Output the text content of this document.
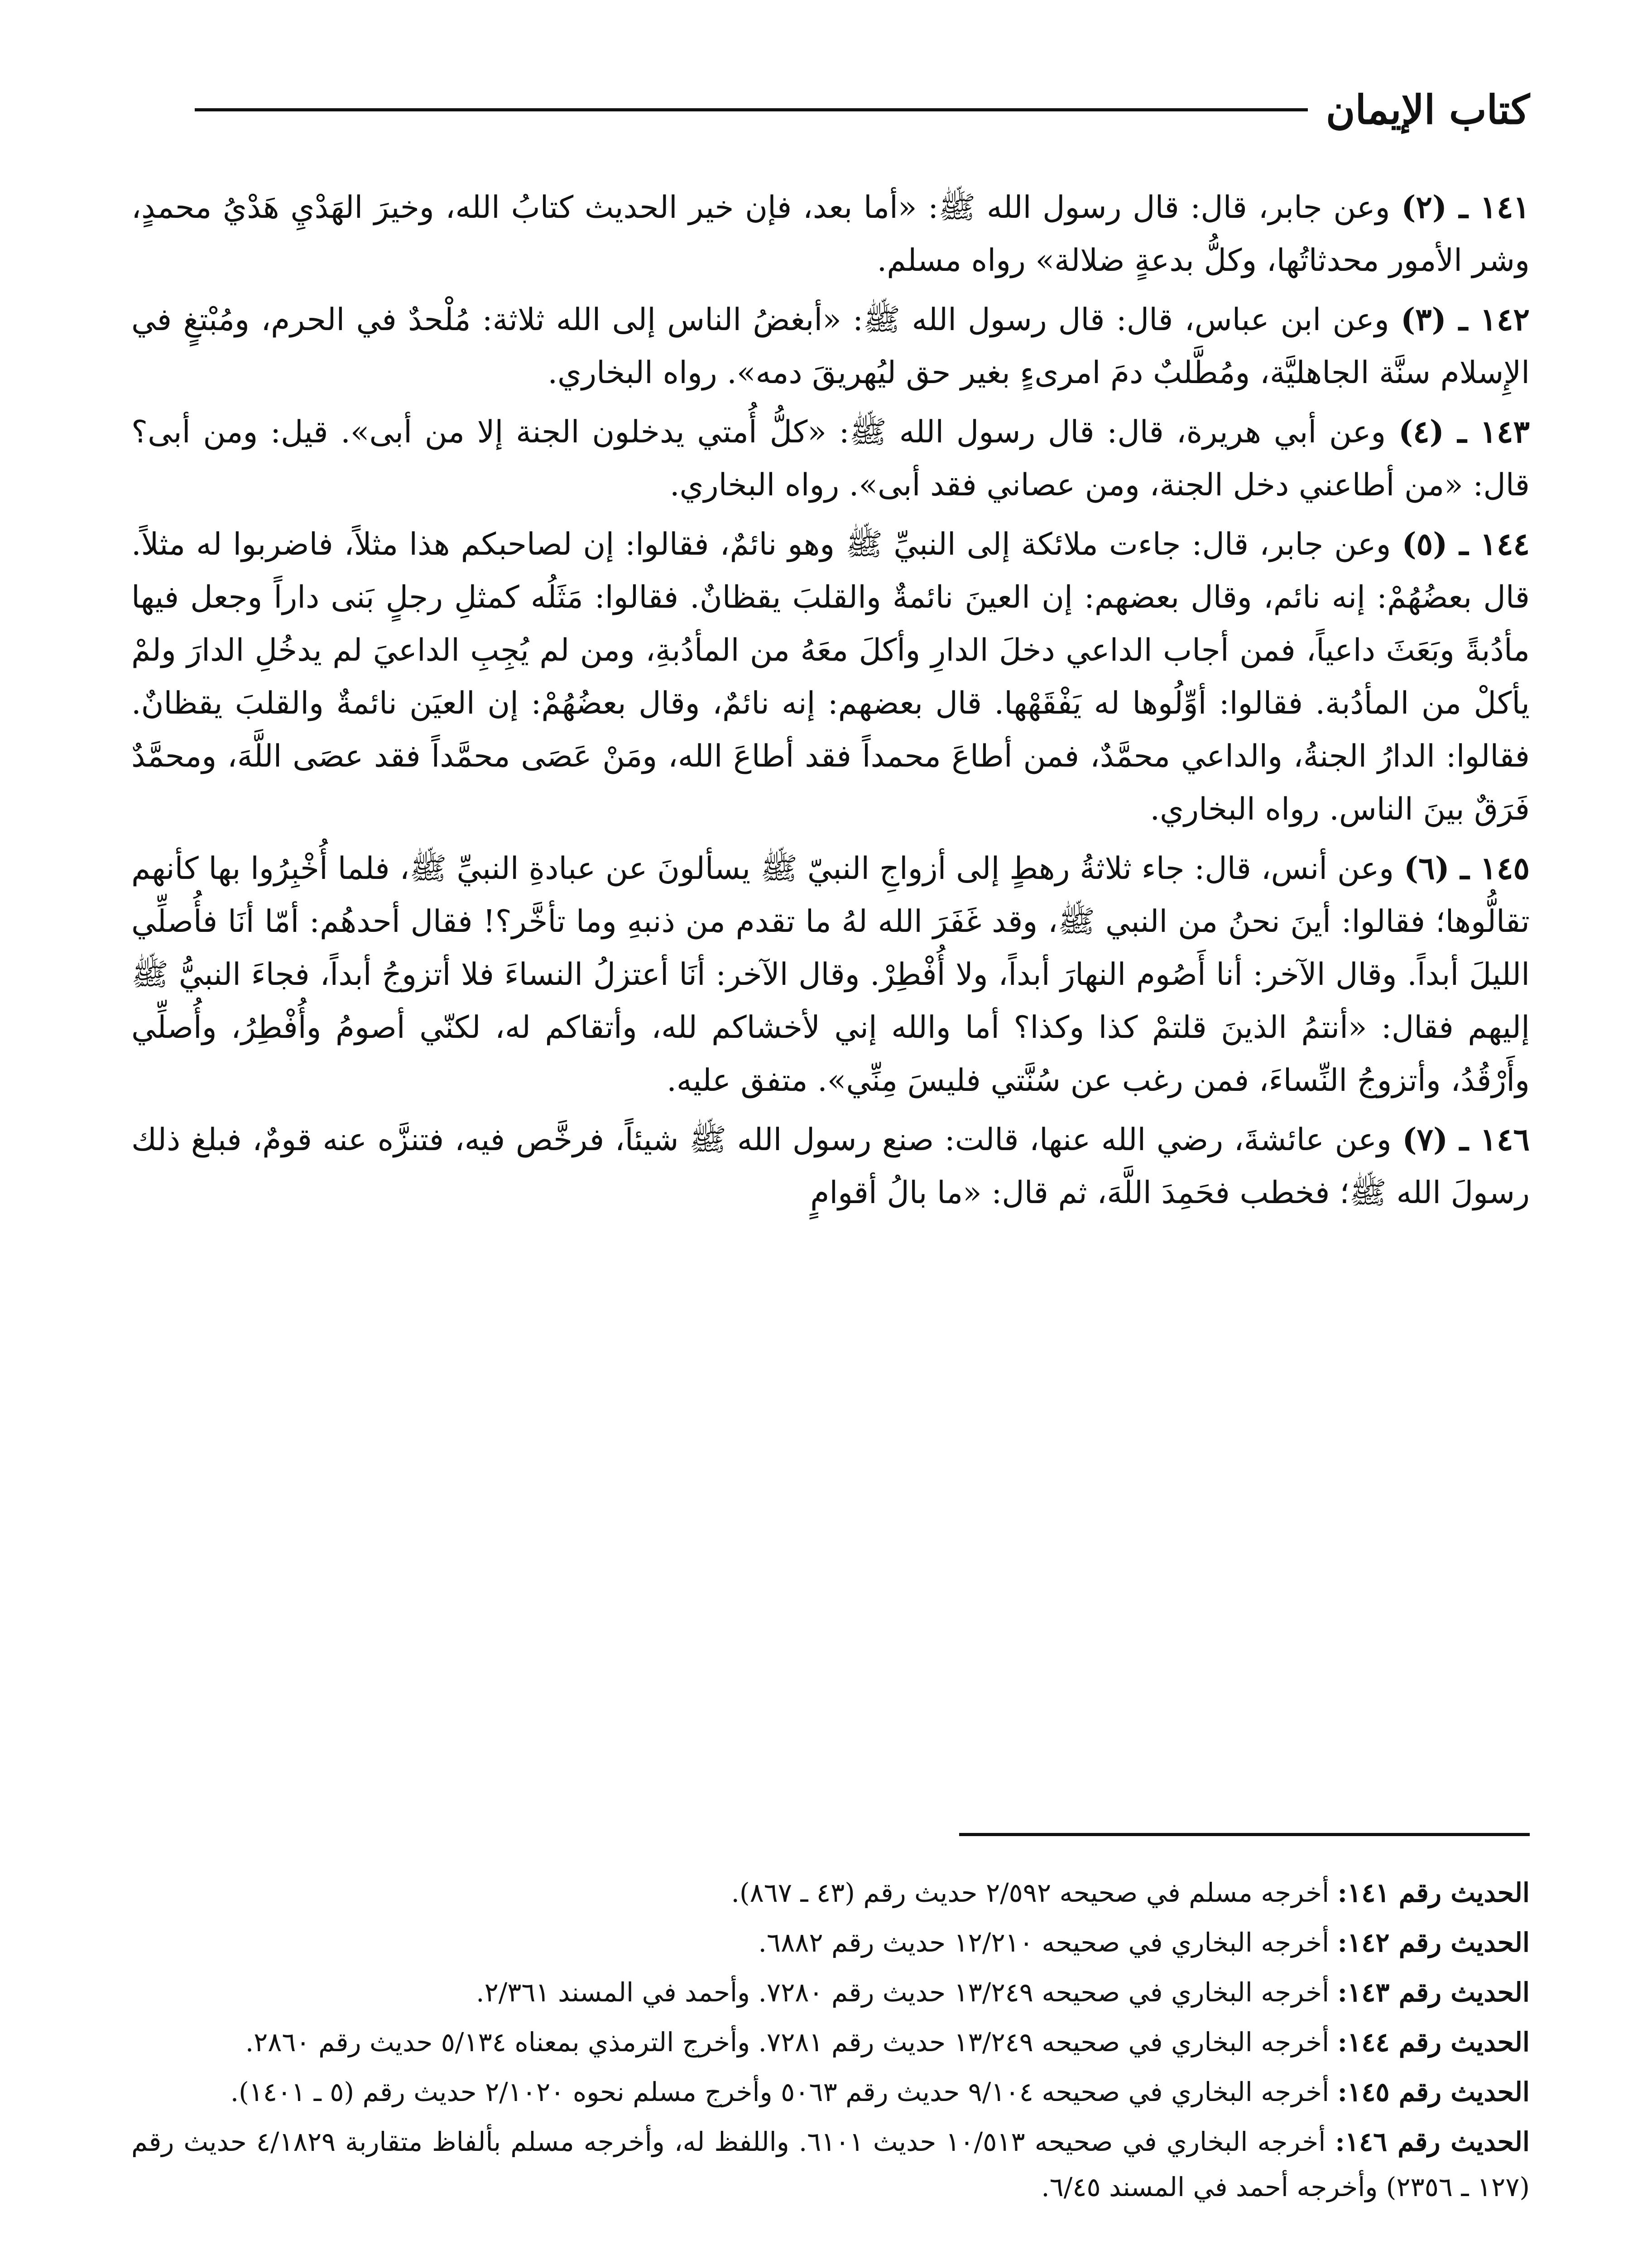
كتاب الإيمان

١٤١ ـ (٢) وعن جابر، قال: قال رسول الله ﷺ: «أما بعد، فإن خير الحديث كتابُ الله، وخيرَ الهَدْيِ هَدْيُ محمدٍ، وشر الأمور محدثاتُها، وكلُّ بدعةٍ ضلالة» رواه مسلم.

١٤٢ ـ (٣) وعن ابن عباس، قال: قال رسول الله ﷺ: «أبغضُ الناس إلى الله ثلاثة: مُلْحدٌ في الحرم، ومُبْتغٍ في الإِسلام سنَّة الجاهليَّة، ومُطَّلبٌ دمَ امرىءٍ بغير حق ليُهريقَ دمه». رواه البخاري.

١٤٣ ـ (٤) وعن أبي هريرة، قال: قال رسول الله ﷺ: «كلُّ أُمتي يدخلون الجنة إلا من أبى». قيل: ومن أبى؟ قال: «من أطاعني دخل الجنة، ومن عصاني فقد أبى». رواه البخاري.

١٤٤ ـ (٥) وعن جابر، قال: جاءت ملائكة إلى النبيِّ ﷺ وهو نائمٌ، فقالوا: إن لصاحبكم هذا مثلاً، فاضربوا له مثلاً. قال بعضُهُمْ: إنه نائم، وقال بعضهم: إن العينَ نائمةٌ والقلبَ يقظانٌ. فقالوا: مَثَلُه كمثلِ رجلٍ بَنى داراً وجعل فيها مأدُبةً وبَعَثَ داعياً، فمن أجاب الداعي دخلَ الدارِ وأكلَ معَهُ من المأدُبةِ، ومن لم يُجِبِ الداعيَ لم يدخُلِ الدارَ ولمْ يأكلْ من المأدُبة. فقالوا: أوِّلُوها له يَفْقَهْها. قال بعضهم: إنه نائمٌ، وقال بعضُهُمْ: إن العيَن نائمةٌ والقلبَ يقظانٌ. فقالوا: الدارُ الجنةُ، والداعي محمَّدٌ، فمن أطاعَ محمداً فقد أطاعَ الله، ومَنْ عَصَى محمَّداً فقد عصَى اللَّهَ، ومحمَّدٌ فَرَقٌ بينَ الناس. رواه البخاري.

١٤٥ ـ (٦) وعن أنس، قال: جاء ثلاثةُ رهطٍ إلى أزواجِ النبيّ ﷺ يسألونَ عن عبادةِ النبيِّ ﷺ، فلما أُخْبِرُوا بها كأنهم تقالُّوها؛ فقالوا: أينَ نحنُ من النبي ﷺ، وقد غَفَرَ الله لهُ ما تقدم من ذنبهِ وما تأخَّر؟! فقال أحدهُم: أمّا أنَا فأُصلِّي الليلَ أبداً. وقال الآخر: أنا أَصُوم النهارَ أبداً، ولا أُفْطِرْ. وقال الآخر: أنَا أعتزلُ النساءَ فلا أتزوجُ أبداً، فجاءَ النبيُّ ﷺ إليهم فقال: «أنتمُ الذينَ قلتمْ كذا وكذا؟ أما والله إني لأخشاكم لله، وأتقاكم له، لكنّي أصومُ وأُفْطِرُ، وأُصلِّي وأَرْقُدُ، وأتزوجُ النِّساءَ، فمن رغب عن سُنَّتي فليسَ مِنِّي». متفق عليه.

١٤٦ ـ (٧) وعن عائشةَ، رضي الله عنها، قالت: صنع رسول الله ﷺ شيئاً، فرخَّص فيه، فتنزَّه عنه قومٌ، فبلغ ذلك رسولَ الله ﷺ؛ فخطب فحَمِدَ اللَّهَ، ثم قال: «ما بالُ أقوامٍ

الحديث رقم ١٤١: أخرجه مسلم في صحيحه ٢/٥٩٢ حديث رقم (٤٣ ـ ٨٦٧).

الحديث رقم ١٤٢: أخرجه البخاري في صحيحه ١٢/٢١٠ حديث رقم ٦٨٨٢.

الحديث رقم ١٤٣: أخرجه البخاري في صحيحه ١٣/٢٤٩ حديث رقم ٧٢٨٠. وأحمد في المسند ٢/٣٦١.

الحديث رقم ١٤٤: أخرجه البخاري في صحيحه ١٣/٢٤٩ حديث رقم ٧٢٨١. وأخرج الترمذي بمعناه ٥/١٣٤ حديث رقم ٢٨٦٠.

الحديث رقم ١٤٥: أخرجه البخاري في صحيحه ٩/١٠٤ حديث رقم ٥٠٦٣ وأخرج مسلم نحوه ٢/١٠٢٠ حديث رقم (٥ ـ ١٤٠١).

الحديث رقم ١٤٦: أخرجه البخاري في صحيحه ١٠/٥١٣ حديث ٦١٠١. واللفظ له، وأخرجه مسلم بألفاظ متقاربة ٤/١٨٢٩ حديث رقم (١٢٧ ـ ٢٣٥٦) وأخرجه أحمد في المسند ٦/٤٥.
